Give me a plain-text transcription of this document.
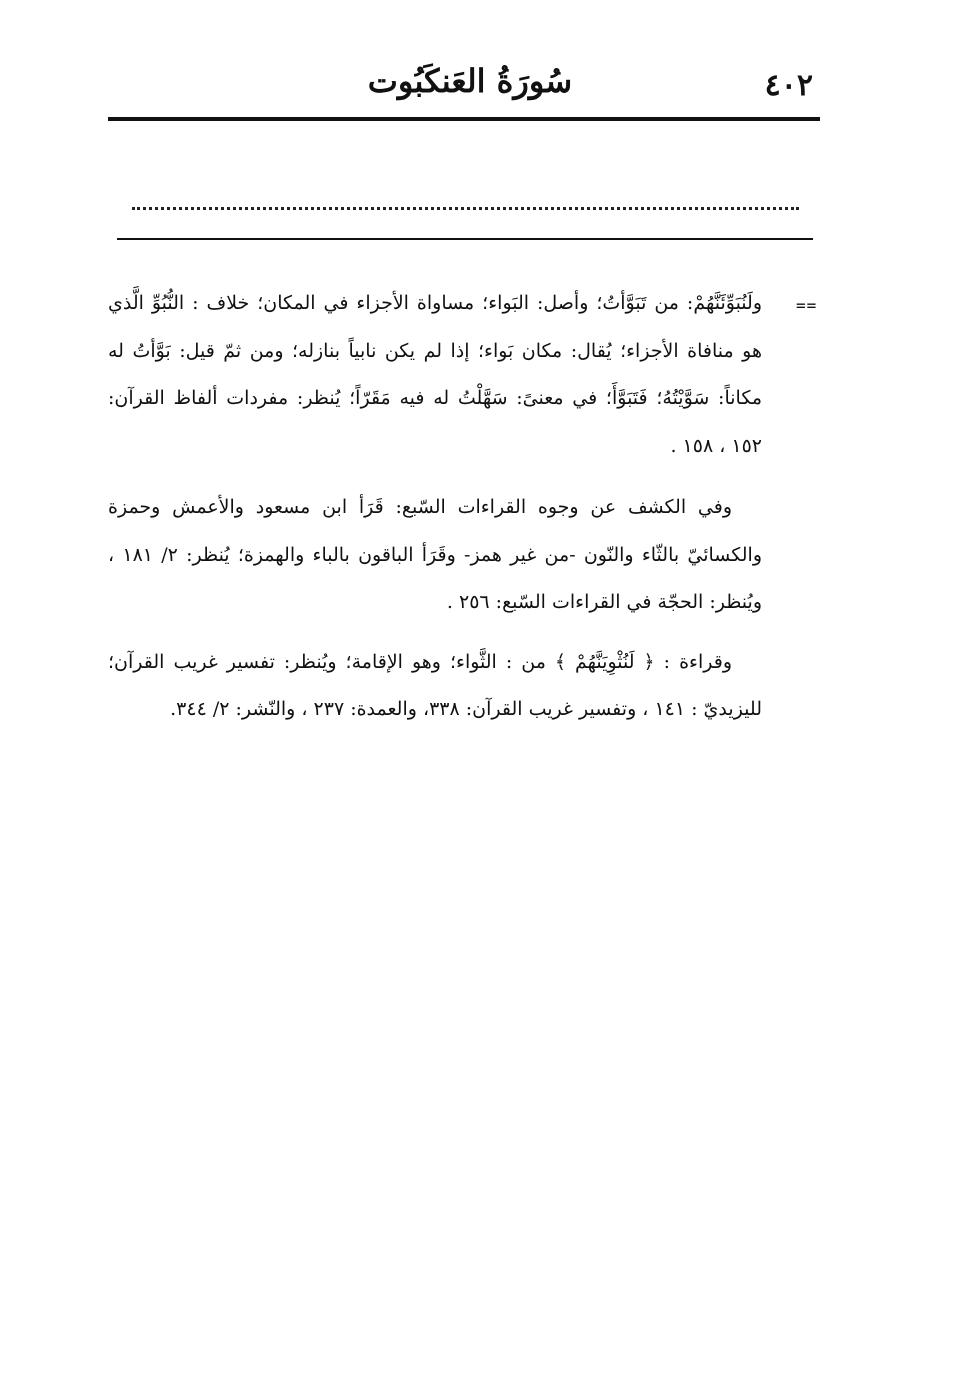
٤٠٢
سُورَةُ العَنكَبُوت
==

ولَنُبَوِّئَنَّهُمْ: من تَبَوَّأتُ؛ وأصل: البَواء؛ مساواة الأجزاء في المكان؛ خلاف : النُّبُوِّ الَّذي هو منافاة الأجزاء؛ يُقال: مكان بَواء؛ إذا لم يكن نابياً بنازله؛ ومن ثمّ قيل: بَوَّأتُ له مكاناً: سَوَّيْتُهُ؛ فَتَبَوَّأَ؛ في معنىً: سَهَّلْتُ له فيه مَقَرّاً؛ يُنظر: مفردات ألفاظ القرآن: ١٥٢ ، ١٥٨ .

وفي الكشف عن وجوه القراءات السّبع: قَرَأ ابن مسعود والأعمش وحمزة والكسائيّ بالثّاء والنّون -من غير همز- وقَرَأ الباقون بالباء والهمزة؛ يُنظر: ٢/ ١٨١ ، ويُنظر: الحجّة في القراءات السّبع: ٢٥٦ .

وقراءة : ﴿ لَنُثْوِيَنَّهُمْ ﴾ من : الثَّواء؛ وهو الإقامة؛ ويُنظر: تفسير غريب القرآن؛ لليزيديّ : ١٤١ ، وتفسير غريب القرآن: ٣٣٨، والعمدة: ٢٣٧ ، والنّشر: ٢/ ٣٤٤.
